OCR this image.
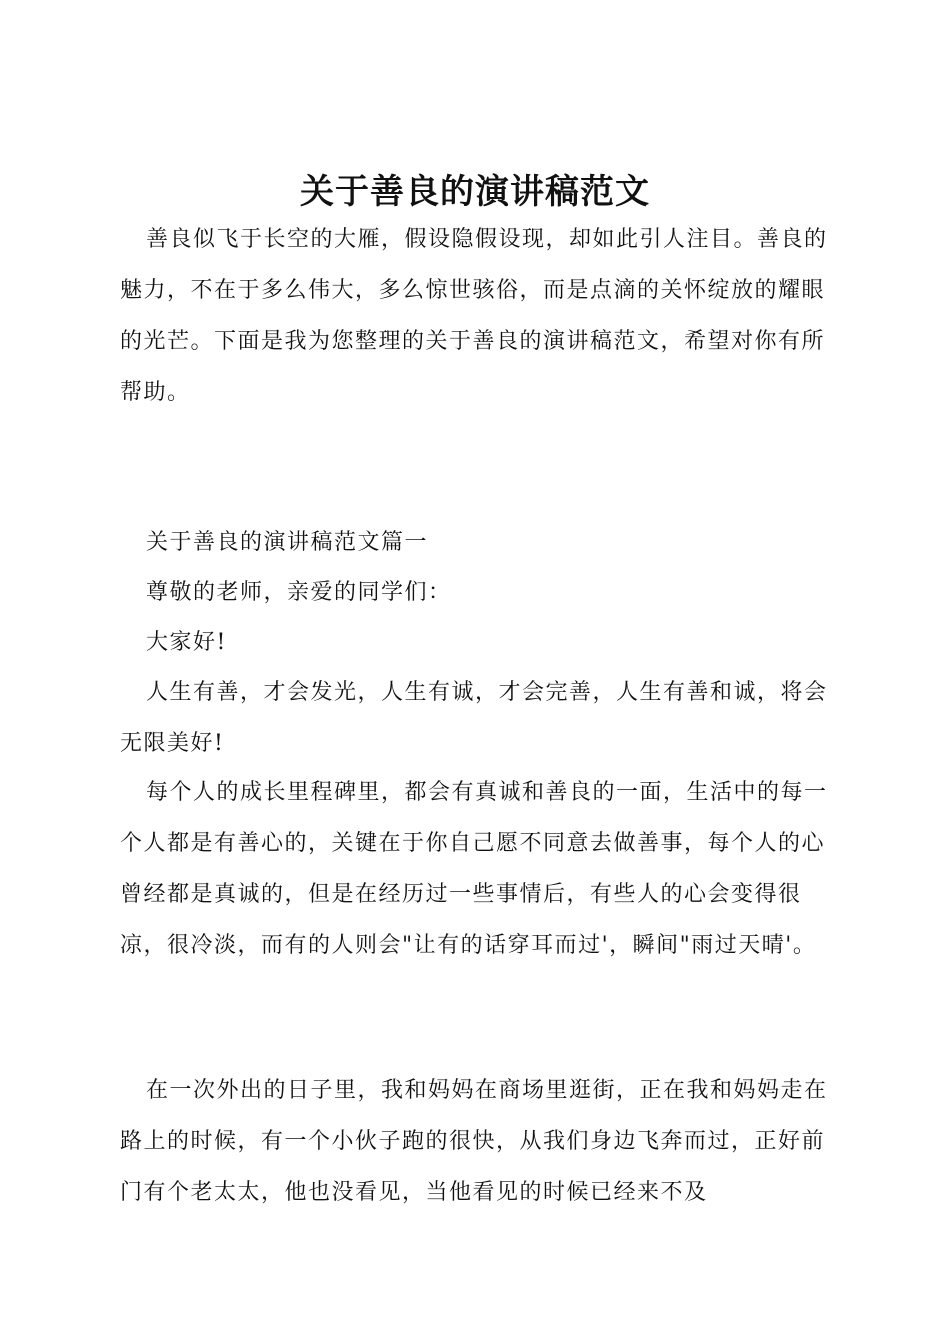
关于善良的演讲稿范文

善良似飞于长空的大雁，假设隐假设现，却如此引人注目。善良的魅力，不在于多么伟大，多么惊世骇俗，而是点滴的关怀绽放的耀眼的光芒。下面是我为您整理的关于善良的演讲稿范文，希望对你有所帮助。

关于善良的演讲稿范文篇一

尊敬的老师，亲爱的同学们：

大家好!

人生有善，才会发光，人生有诚，才会完善，人生有善和诚，将会无限美好!

每个人的成长里程碑里，都会有真诚和善良的一面，生活中的每一个人都是有善心的，关键在于你自己愿不同意去做善事，每个人的心曾经都是真诚的，但是在经历过一些事情后，有些人的心会变得很凉，很冷淡，而有的人则会"让有的话穿耳而过'，瞬间"雨过天晴'。

在一次外出的日子里，我和妈妈在商场里逛街，正在我和妈妈走在路上的时候，有一个小伙子跑的很快，从我们身边飞奔而过，正好前门有个老太太，他也没看见，当他看见的时候已经来不及
